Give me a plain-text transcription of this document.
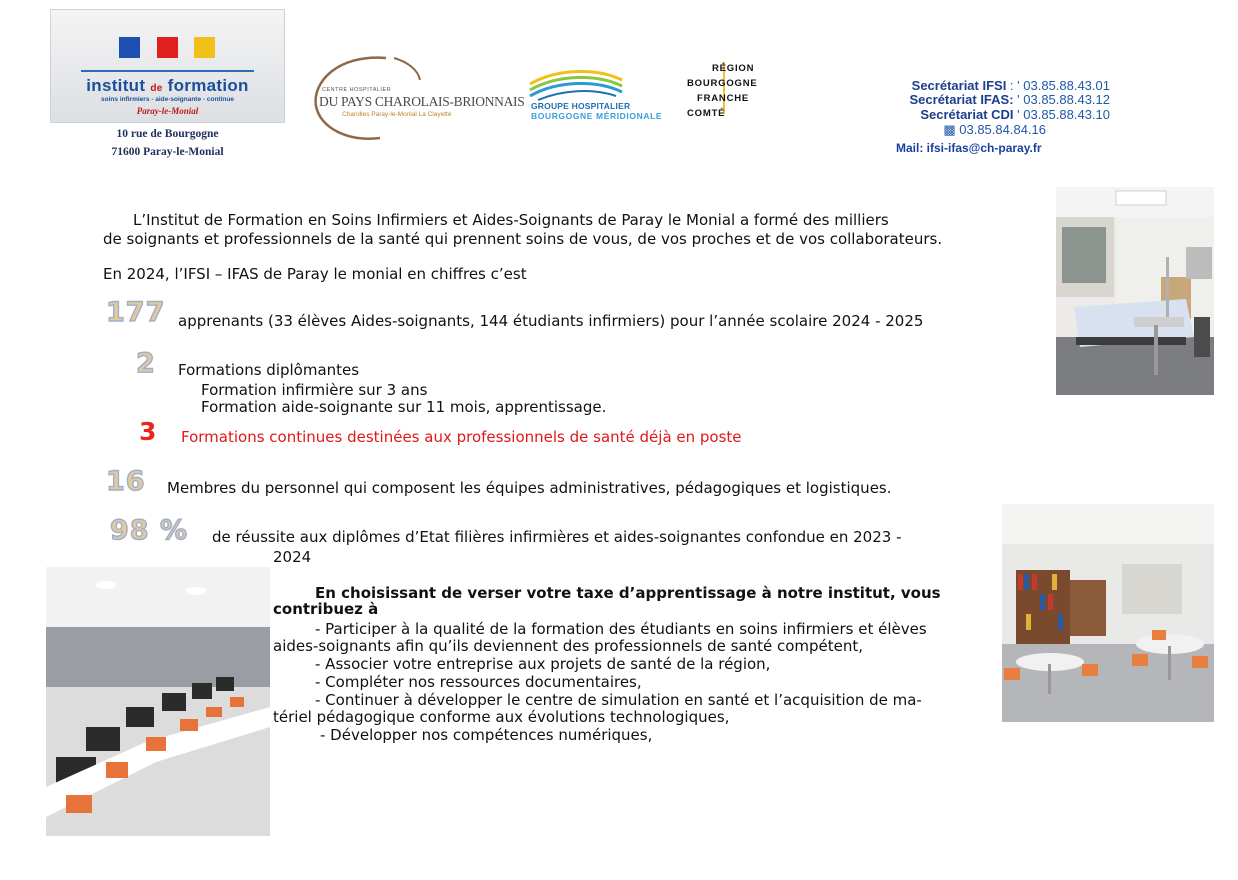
institut de formation
soins infirmiers - aide-soignante - continue
Paray-le-Monial
10 rue de Bourgogne
71600 Paray-le-Monial
CENTRE HOSPITALIER
DU PAYS CHAROLAIS-BRIONNAIS
Charolles Paray-le-Monial La Clayette
GROUPE HOSPITALIER
BOURGOGNE MÉRIDIONALE
RÉGION
BOURGOGNE
FRANCHE
COMTÉ
Secrétariat IFSI : ' 03.85.88.43.01
Secrétariat IFAS: ' 03.85.88.43.12
Secrétariat CDI ' 03.85.88.43.10
▩ 03.85.84.84.16
Mail: ifsi-ifas@ch-paray.fr
L’Institut de Formation en Soins Infirmiers et Aides-Soignants de Paray le Monial a formé des milliers
de soignants et professionnels de la santé qui prennent soins de vous, de vos proches et de vos collaborateurs.
En 2024, l’IFSI – IFAS de Paray le monial en chiffres c’est
177 apprenants (33 élèves Aides-soignants, 144 étudiants infirmiers) pour l’année scolaire 2024 - 2025
2 Formations diplômantes
Formation infirmière sur 3 ans
Formation aide-soignante sur 11 mois, apprentissage.
3 Formations continues destinées aux professionnels de santé déjà en poste
16 Membres du personnel qui composent les équipes administratives, pédagogiques et logistiques.
98 % de réussite aux diplômes d’Etat filières infirmières et aides-soignantes confondue en 2023 -
2024
En choisissant de verser votre taxe d’apprentissage à notre institut, vous
contribuez à
- Participer à la qualité de la formation des étudiants en soins infirmiers et élèves
aides-soignants afin qu’ils deviennent des professionnels de santé compétent,
- Associer votre entreprise aux projets de santé de la région,
- Compléter nos ressources documentaires,
- Continuer à développer le centre de simulation en santé et l’acquisition de ma-
tériel pédagogique conforme aux évolutions technologiques,
- Développer nos compétences numériques,
